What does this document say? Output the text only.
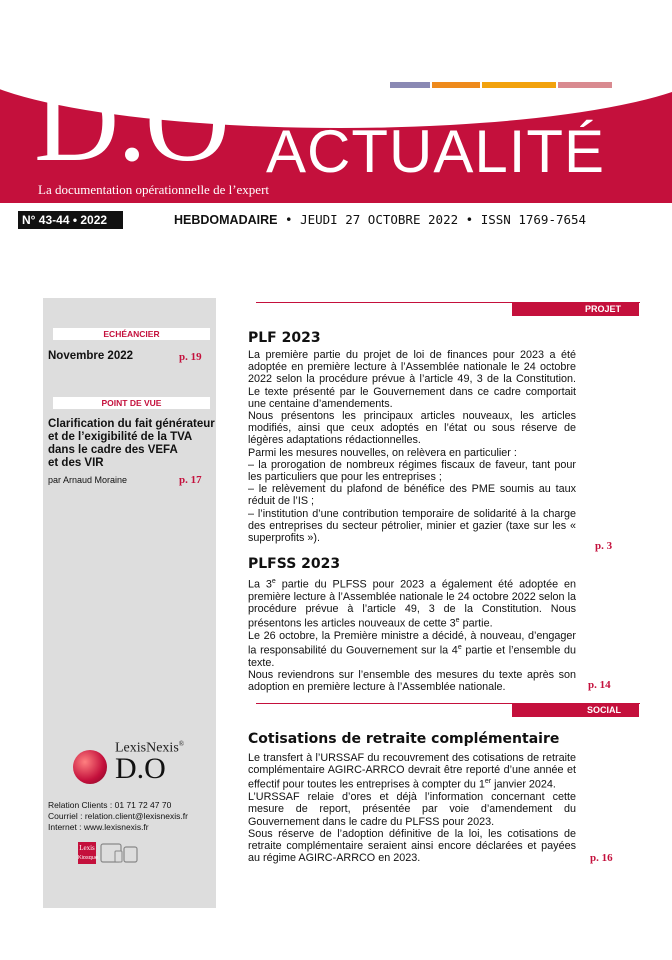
FISCAL | SOCIAL | COMPTABLE | AFFAIRES
D.O ACTUALITÉ
La documentation opérationnelle de l’expert
N° 43-44 • 2022	HEBDOMADAIRE • JEUDI 27 OCTOBRE 2022 • ISSN 1769-7654
ECHÉANCIER
Novembre 2022	p. 19
POINT DE VUE
Clarification du fait générateur
et de l’exigibilité de la TVA
dans le cadre des VEFA
et des VIR
par Arnaud Moraine	p. 17
LexisNexis®
D.O
Relation Clients : 01 71 72 47 70
Courriel : relation.client@lexisnexis.fr
Internet : www.lexisnexis.fr
Lexis
Kiosque
PROJET
PLF 2023

La première partie du projet de loi de finances pour 2023 a été adoptée en première lecture à l’Assemblée nationale le 24 octobre 2022 selon la procédure prévue à l’article 49, 3 de la Constitution. Le texte présenté par le Gouvernement dans ce cadre comportait une centaine d’amendements.

Nous présentons les principaux articles nouveaux, les articles modifiés, ainsi que ceux adoptés en l’état ou sous réserve de légères adaptations rédactionnelles.

Parmi les mesures nouvelles, on relèvera en particulier :

– la prorogation de nombreux régimes fiscaux de faveur, tant pour les particuliers que pour les entreprises ;

– le relèvement du plafond de bénéfice des PME soumis au taux réduit de l’IS ;

– l’institution d’une contribution temporaire de solidarité à la charge des entreprises du secteur pétrolier, minier et gazier (taxe sur les « superprofits »).

p. 3
PLFSS 2023

La 3e partie du PLFSS pour 2023 a également été adoptée en première lecture à l’Assemblée nationale le 24 octobre 2022 selon la procédure prévue à l’article 49, 3 de la Constitution. Nous présentons les articles nouveaux de cette 3e partie.

Le 26 octobre, la Première ministre a décidé, à nouveau, d’engager la responsabilité du Gouvernement sur la 4e partie et l’ensemble du texte.

Nous reviendrons sur l’ensemble des mesures du texte après son adoption en première lecture à l’Assemblée nationale.	p. 14
SOCIAL
Cotisations de retraite complémentaire

Le transfert à l’URSSAF du recouvrement des cotisations de retraite complémentaire AGIRC-ARRCO devrait être reporté d’une année et effectif pour toutes les entreprises à compter du 1er janvier 2024.

L’URSSAF relaie d’ores et déjà l’information concernant cette mesure de report, présentée par voie d’amendement du Gouvernement dans le cadre du PLFSS pour 2023.

Sous réserve de l’adoption définitive de la loi, les cotisations de retraite complémentaire seraient ainsi encore déclarées et payées au régime AGIRC-ARRCO en 2023.	p. 16
